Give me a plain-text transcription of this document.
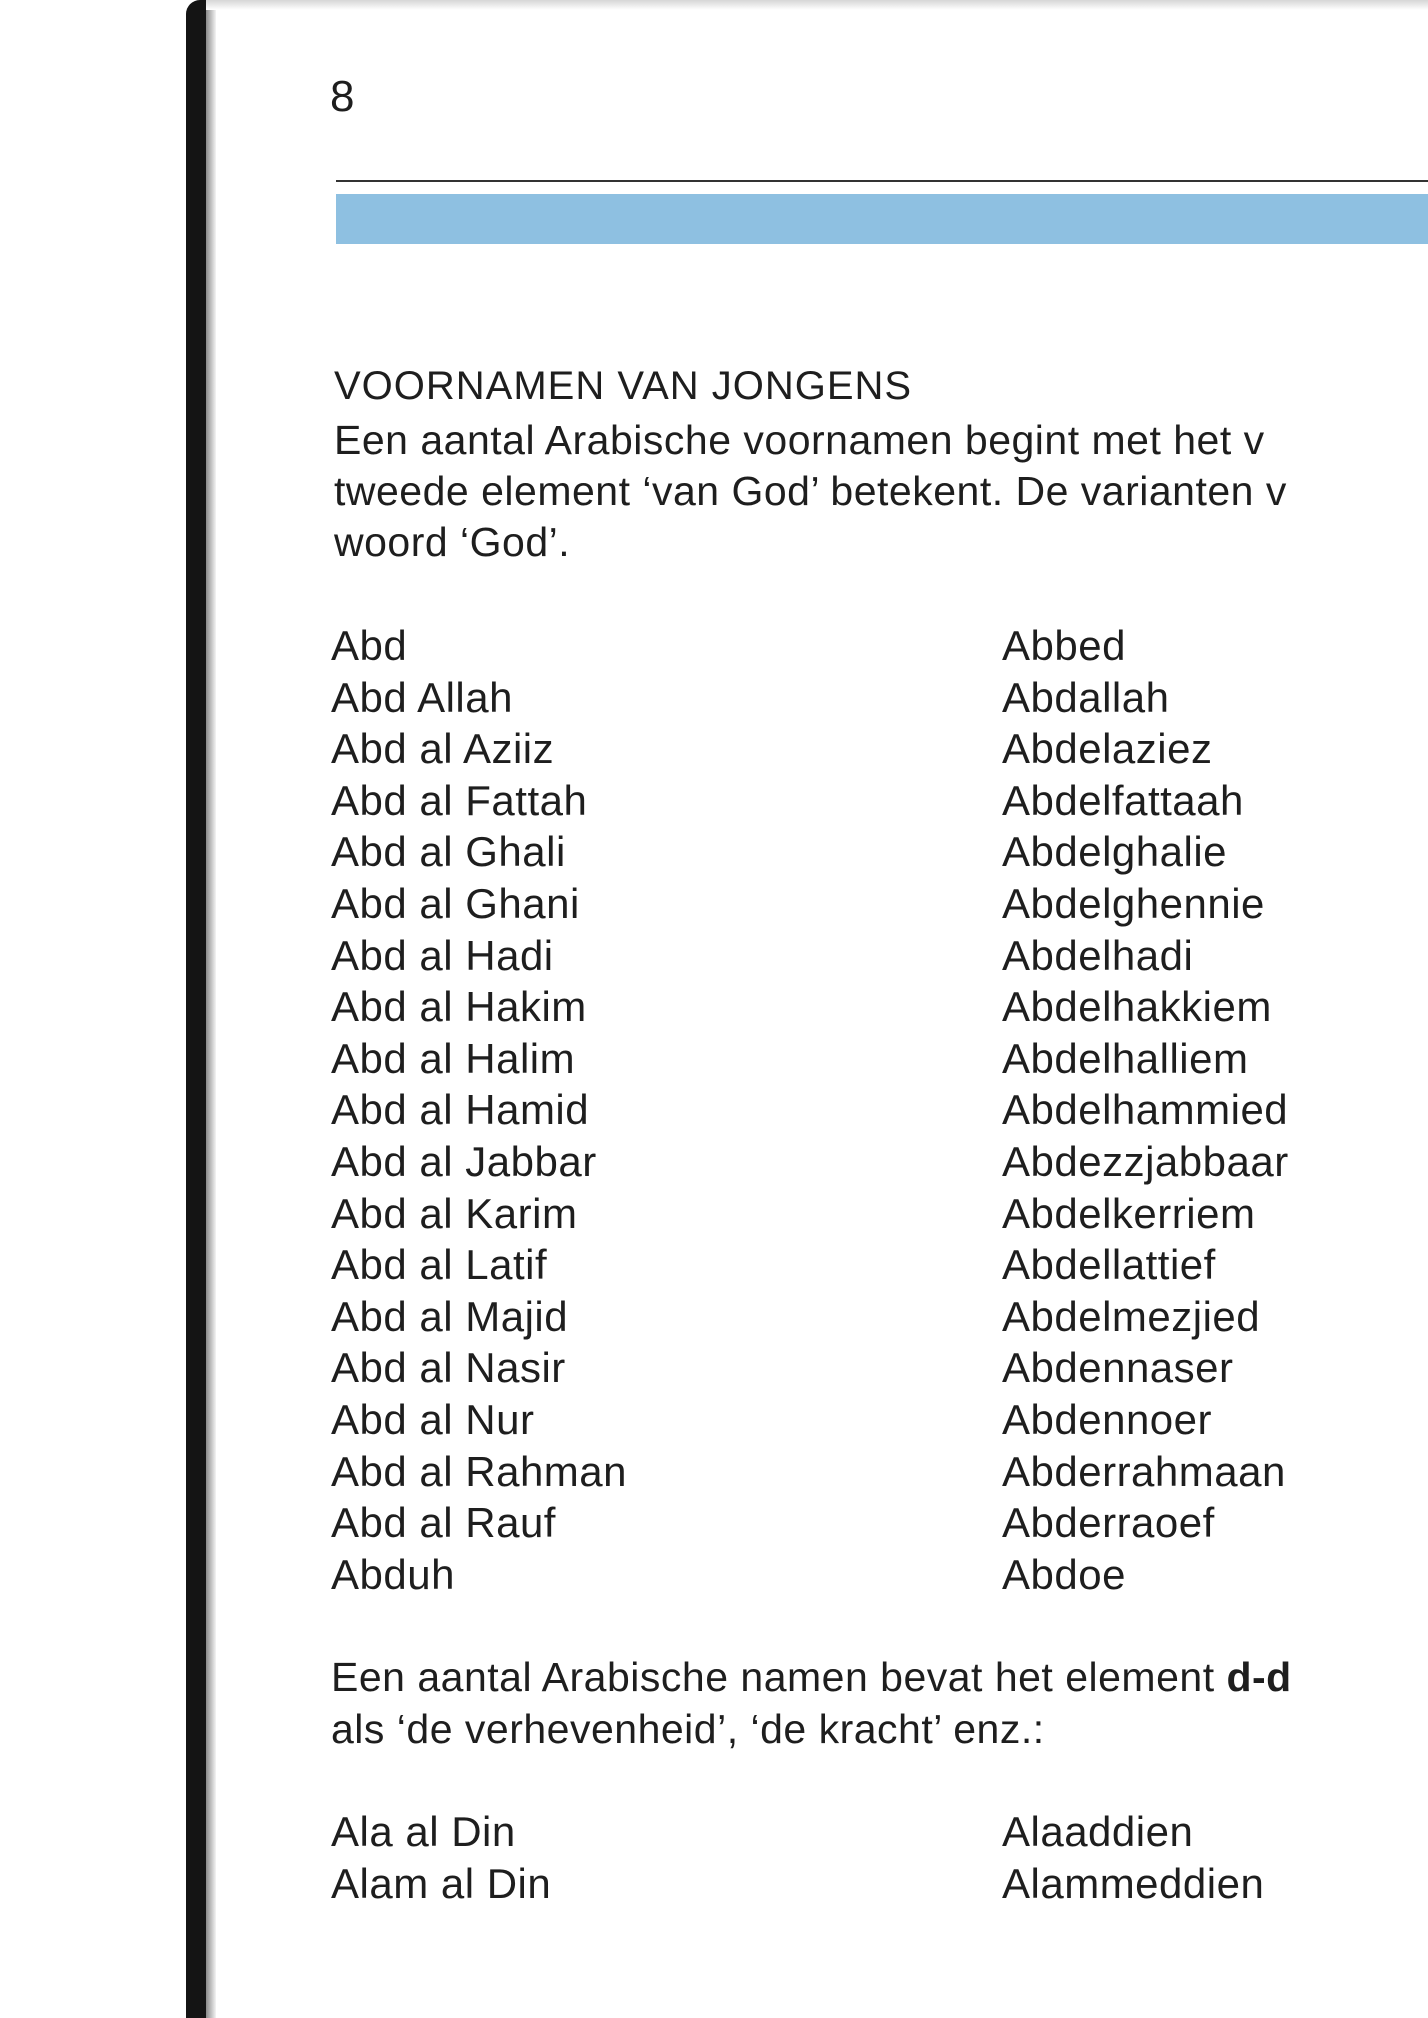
8
VOORNAMEN VAN JONGENS
Een aantal Arabische voornamen begint met het v
tweede element ‘van God’ betekent. De varianten v
woord ‘God’.
Abd
Abd Allah
Abd al Aziiz
Abd al Fattah
Abd al Ghali
Abd al Ghani
Abd al Hadi
Abd al Hakim
Abd al Halim
Abd al Hamid
Abd al Jabbar
Abd al Karim
Abd al Latif
Abd al Majid
Abd al Nasir
Abd al Nur
Abd al Rahman
Abd al Rauf
Abduh
Abbed
Abdallah
Abdelaziez
Abdelfattaah
Abdelghalie
Abdelghennie
Abdelhadi
Abdelhakkiem
Abdelhalliem
Abdelhammied
Abdezzjabbaar
Abdelkerriem
Abdellattief
Abdelmezjied
Abdennaser
Abdennoer
Abderrahmaan
Abderraoef
Abdoe
Een aantal Arabische namen bevat het element d-d
als ‘de verhevenheid’, ‘de kracht’ enz.:
Ala al Din
Alam al Din
Alaaddien
Alammeddien
